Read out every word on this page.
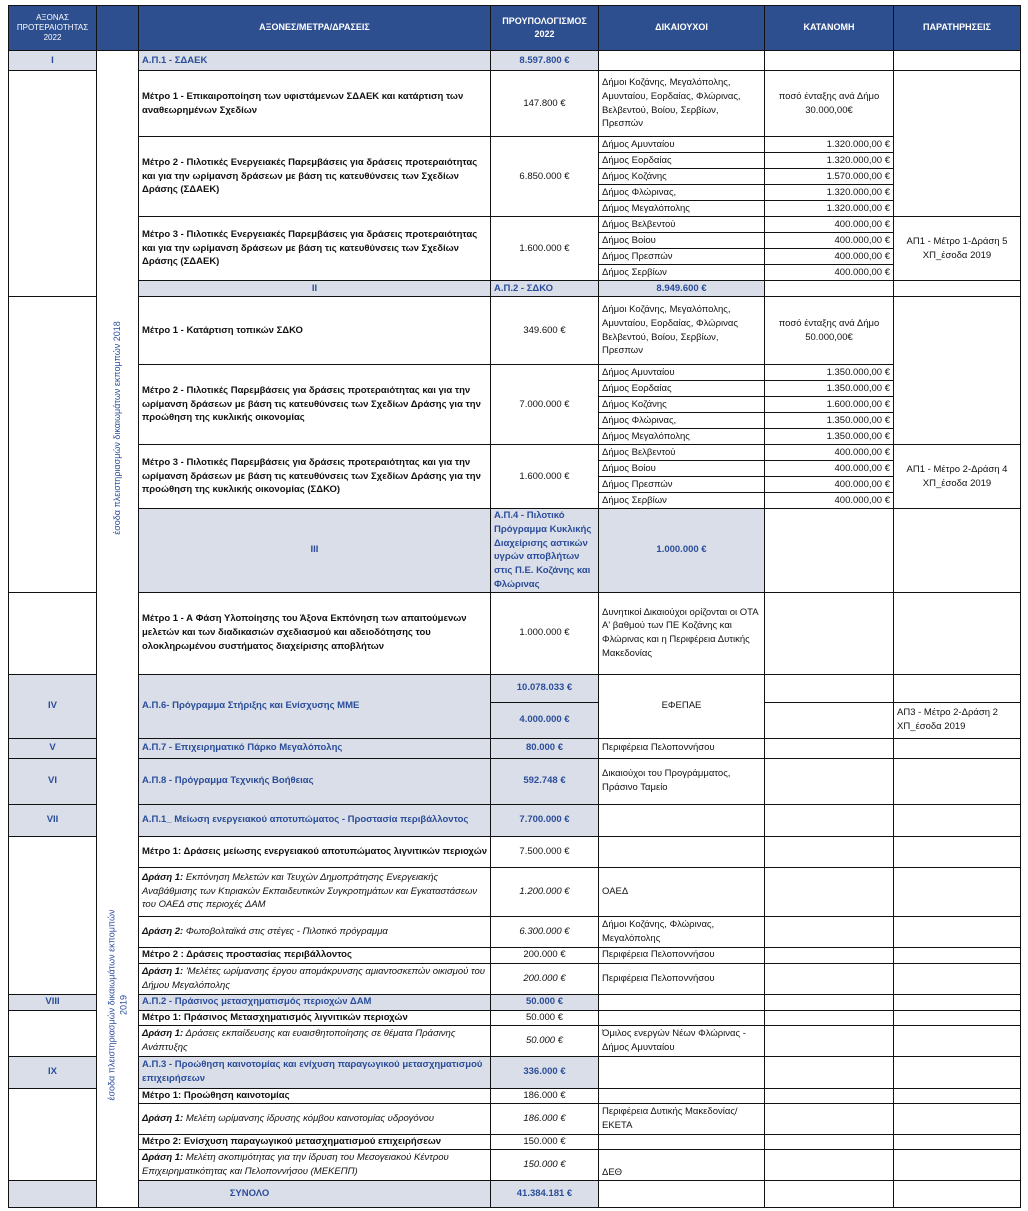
ΑΞΟΝΑΣ ΠΡΟΤΕΡΑΙΟΤΗΤΑΣ 2022		ΑΞΟΝΕΣ/ΜΕΤΡΑ/ΔΡΑΣΕΙΣ	ΠΡΟΥΠΟΛΟΓΙΣΜΟΣ 2022	ΔΙΚΑΙΟΥΧΟΙ	ΚΑΤΑΝΟΜΗ	ΠΑΡΑΤΗΡΗΣΕΙΣ	
I	έσοδα πλειστηριασμών δικαιωμάτων εκπομπών 2018	Α.Π.1 - ΣΔΑΕΚ	8.597.800 €				
		Μέτρο 1 - Επικαιροποίηση των υφιστάμενων ΣΔΑΕΚ και κατάρτιση των αναθεωρημένων Σχεδίων	147.800 €	Δήμοι Κοζάνης, Μεγαλόπολης, Αμυνταίου, Εορδαίας, Φλώρινας, Βελβεντού, Βοίου, Σερβίων, Πρεσπών	ποσό ένταξης ανά Δήμο 30.000,00€		
		Μέτρο 2 - Πιλοτικές Ενεργειακές Παρεμβάσεις για δράσεις προτεραιότητας και για την ωρίμανση δράσεων με βάση τις κατευθύνσεις των Σχεδίων Δράσης (ΣΔΑΕΚ)	6.850.000 €	Δήμος Αμυνταίου	1.320.000,00 €		
				Δήμος Εορδαίας	1.320.000,00 €		
				Δήμος Κοζάνης	1.570.000,00 €		
				Δήμος Φλώρινας,	1.320.000,00 €		
				Δήμος Μεγαλόπολης	1.320.000,00 €		
		Μέτρο 3 - Πιλοτικές Ενεργειακές Παρεμβάσεις για δράσεις προτεραιότητας και για την ωρίμανση δράσεων με βάση τις κατευθύνσεις των Σχεδίων Δράσης (ΣΔΑΕΚ)	1.600.000 €	Δήμος Βελβεντού	400.000,00 €	ΑΠ1 - Μέτρο 1-Δράση 5 ΧΠ_έσοδα 2019	
				Δήμος Βοίου	400.000,00 €		
				Δήμος Πρεσπών	400.000,00 €		
				Δήμος Σερβίων	400.000,00 €		
		II	Α.Π.2 - ΣΔΚΟ	8.949.600 €			
		Μέτρο 1 - Κατάρτιση τοπικών ΣΔΚΟ	349.600 €	Δήμοι Κοζάνης, Μεγαλόπολης, Αμυνταίου, Εορδαίας, Φλώρινας Βελβεντού, Βοίου, Σερβίων, Πρεσπων	ποσό ένταξης ανά Δήμο 50.000,00€		
		Μέτρο 2 - Πιλοτικές Παρεμβάσεις για δράσεις προτεραιότητας και για την ωρίμανση δράσεων με βάση τις κατευθύνσεις των Σχεδίων Δράσης για την προώθηση της κυκλικής οικονομίας	7.000.000 €	Δήμος Αμυνταίου	1.350.000,00 €		
				Δήμος Εορδαίας	1.350.000,00 €		
				Δήμος Κοζάνης	1.600.000,00 €		
				Δήμος Φλώρινας,	1.350.000,00 €		
				Δήμος Μεγαλόπολης	1.350.000,00 €		
		Μέτρο 3 - Πιλοτικές Παρεμβάσεις για δράσεις προτεραιότητας και για την ωρίμανση δράσεων με βάση τις κατευθύνσεις των Σχεδίων Δράσης για την προώθηση της κυκλικής οικονομίας (ΣΔΚΟ)	1.600.000 €	Δήμος Βελβεντού	400.000,00 €	ΑΠ1 - Μέτρο 2-Δράση 4 ΧΠ_έσοδα 2019	
				Δήμος Βοίου	400.000,00 €		
				Δήμος Πρεσπών	400.000,00 €		
				Δήμος Σερβίων	400.000,00 €		
		III	Α.Π.4 - Πιλοτικό Πρόγραμμα Κυκλικής Διαχείρισης αστικών υγρών αποβλήτων στις Π.Ε. Κοζάνης και Φλώρινας	1.000.000 €			
		Μέτρο 1 - Α Φάση Υλοποίησης του Άξονα Εκπόνηση των απαιτούμενων μελετών και των διαδικασιών σχεδιασμού και αδειοδότησης του ολοκληρωμένου συστήματος διαχείρισης αποβλήτων	1.000.000 €	Δυνητικοί Δικαιούχοι ορίζονται οι ΟΤΑ Α' βαθμού των ΠΕ Κοζάνης και Φλώρινας και η Περιφέρεια Δυτικής Μακεδονίας			
IV		Α.Π.6- Πρόγραμμα Στήριξης και Ενίσχυσης ΜΜΕ	10.078.033 €	ΕΦΕΠΑΕ			
			4.000.000 €			ΑΠ3 - Μέτρο 2-Δράση 2 ΧΠ_έσοδα 2019	
V		Α.Π.7 - Επιχειρηματικό Πάρκο Μεγαλόπολης	80.000 €	Περιφέρεια Πελοποννήσου			
VI		Α.Π.8 - Πρόγραμμα Τεχνικής Βοήθειας	592.748 €	Δικαιούχοι του Προγράμματος, Πράσινο Ταμείο			
VII	έσοδα πλειστηριασμών δικαιωμάτων εκπομπών 2019	Α.Π.1_ Μείωση ενεργειακού αποτυπώματος - Προστασία περιβάλλοντος	7.700.000 €				
		Μέτρο 1: Δράσεις μείωσης ενεργειακού αποτυπώματος λιγνιτικών περιοχών	7.500.000 €				
		Δράση 1: Εκπόνηση Μελετών και Τευχών Δημοπράτησης Ενεργειακής Αναβάθμισης των Κτιριακών Εκπαιδευτικών Συγκροτημάτων και Εγκαταστάσεων του ΟΑΕΔ στις περιοχές ΔΑΜ	1.200.000 €	ΟΑΕΔ			
		Δράση 2: Φωτοβολταϊκά στις στέγες - Πιλοτικό πρόγραμμα	6.300.000 €	Δήμοι Κοζάνης, Φλώρινας, Μεγαλόπολης			
		Μέτρο 2 : Δράσεις προστασίας περιβάλλοντος	200.000 €	Περιφέρεια Πελοποννήσου			
		Δράση 1: 'Μελέτες ωρίμανσης έργου απομάκρυνσης αμιαντοσκεπών οικισμού του Δήμου Μεγαλόπολης	200.000 €	Περιφέρεια Πελοποννήσου			
VIII		Α.Π.2 - Πράσινος μετασχηματισμός περιοχών ΔΑΜ	50.000 €				
		Μέτρο 1: Πράσινος Μετασχηματισμός λιγνιτικών περιοχών	50.000 €				
		Δράση 1: Δράσεις εκπαίδευσης και ευαισθητοποίησης σε θέματα Πράσινης Ανάπτυξης	50.000 €	Όμιλος ενεργών Νέων Φλώρινας - Δήμος Αμυνταίου			
IX		Α.Π.3 - Προώθηση καινοτομίας και ενίχυση παραγωγικού μετασχηματισμού επιχειρήσεων	336.000 €				
		Μέτρο 1: Προώθηση καινοτομίας	186.000 €				
		Δράση 1: Μελέτη ωρίμανσης ίδρυσης κόμβου καινοτομίας υδρογόνου	186.000 €	Περιφέρεια Δυτικής Μακεδονίας/ΕΚΕΤΑ			
		Μέτρο 2: Ενίσχυση παραγωγικού μετασχηματισμού επιχειρήσεων	150.000 €				
		Δράση 1: Μελέτη σκοπιμότητας για την ίδρυση του Μεσογειακού Κέντρου Επιχειρηματικότητας και Πελοποννήσου (ΜΕΚΕΠΠ)	150.000 €	ΔΕΘ			
ΣΥΝΟΛΟ			41.384.181 €				
